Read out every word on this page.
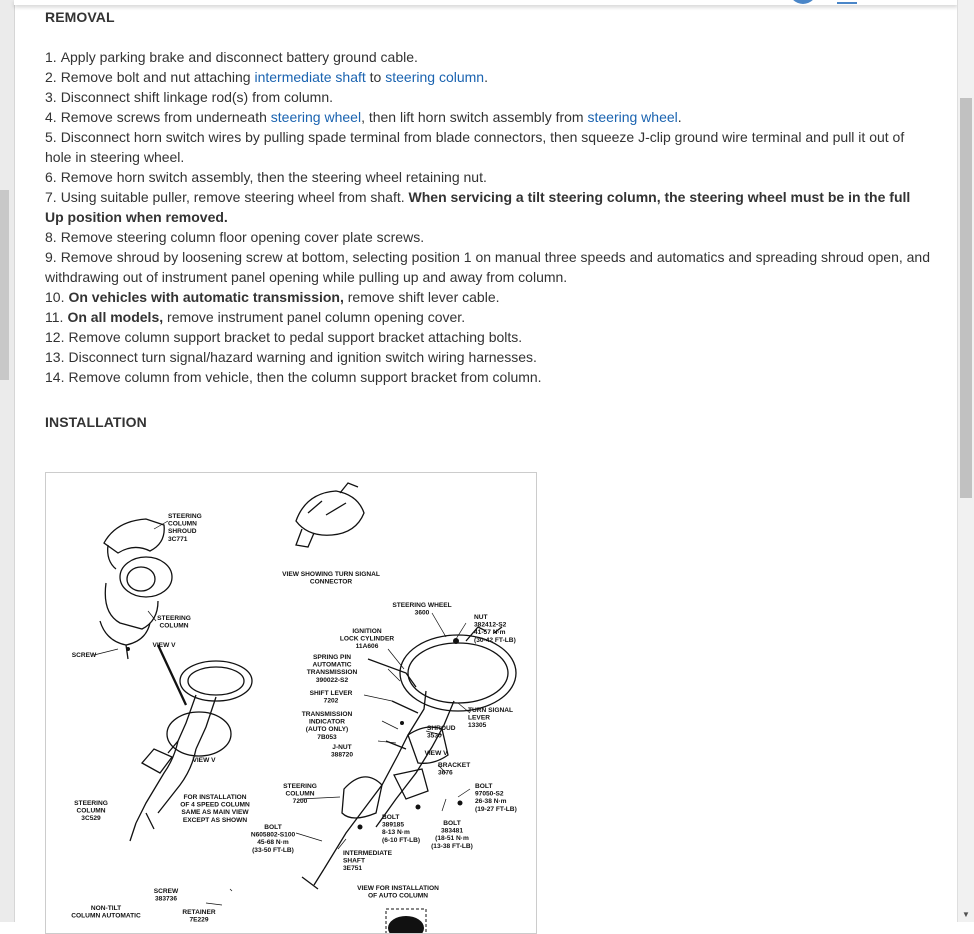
▼
REMOVAL

1. Apply parking brake and disconnect battery ground cable.

2. Remove bolt and nut attaching intermediate shaft to steering column.

3. Disconnect shift linkage rod(s) from column.

4. Remove screws from underneath steering wheel, then lift horn switch assembly from steering wheel.

5. Disconnect horn switch wires by pulling spade terminal from blade connectors, then squeeze J-clip ground wire terminal and pull it out of hole in steering wheel.

6. Remove horn switch assembly, then the steering wheel retaining nut.

7. Using suitable puller, remove steering wheel from shaft. When servicing a tilt steering column, the steering wheel must be in the full Up position when removed.

8. Remove steering column floor opening cover plate screws.

9. Remove shroud by loosening screw at bottom, selecting position 1 on manual three speeds and automatics and spreading shroud open, and withdrawing out of instrument panel opening while pulling up and away from column.

10. On vehicles with automatic transmission, remove shift lever cable.

11. On all models, remove instrument panel column opening cover.

12. Remove column support bracket to pedal support bracket attaching bolts.

13. Disconnect turn signal/hazard warning and ignition switch wiring harnesses.

14. Remove column from vehicle, then the column support bracket from column.

INSTALLATION
STEERING COLUMN SHROUD 3C771
VIEW SHOWING TURN SIGNAL CONNECTOR
STEERING COLUMN
VIEW V
SCREW
VIEW V
STEERING COLUMN 3C529
FOR INSTALLATION OF 4 SPEED COLUMN SAME AS MAIN VIEW EXCEPT AS SHOWN
STEERING WHEEL 3600
NUT 382412-S2 41-57 N·m (30-42 FT-LB)
IGNITION LOCK CYLINDER 11A606
SPRING PIN AUTOMATIC TRANSMISSION 390022-S2
SHIFT LEVER 7202
TRANSMISSION INDICATOR (AUTO ONLY) 7B053
J-NUT 388720
TURN SIGNAL LEVER 13305
SHROUD 3530
VIEW V
BRACKET 3676
STEERING COLUMN 7200
BOLT 97050-S2 26-38 N·m (19-27 FT-LB)
BOLT 389185 8-13 N·m (6-10 FT-LB)
BOLT 383481 (18-51 N·m (13-38 FT-LB)
BOLT N605802-S100 45-68 N·m (33-50 FT-LB)	INTERMEDIATE SHAFT 3E751
VIEW FOR INSTALLATION OF AUTO COLUMN
SCREW 383736
NON-TILT COLUMN AUTOMATIC
RETAINER 7E229
